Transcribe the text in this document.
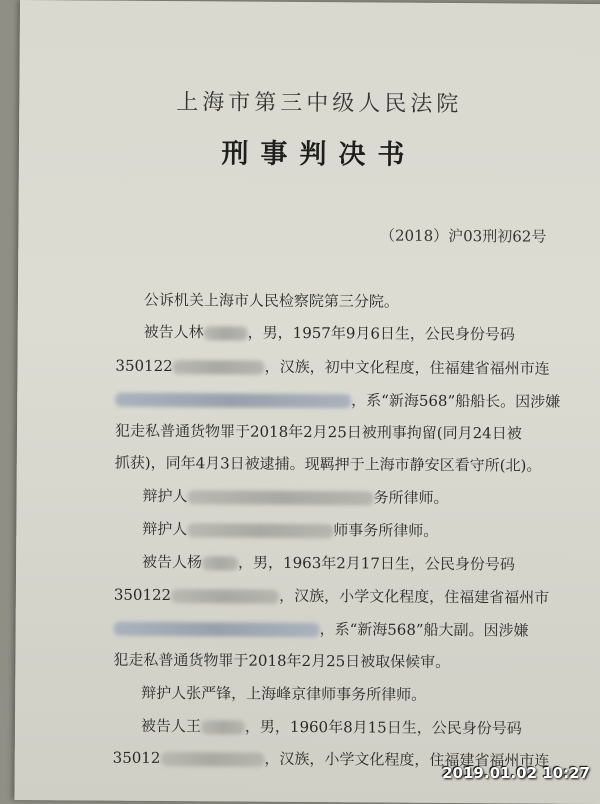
上海市第三中级人民法院
刑事判决书
（2018）沪03刑初62号
公诉机关上海市人民检察院第三分院。
被告人林	，男，1957年9月6日生，公民身份号码
350122	，汉族，初中文化程度，住福建省福州市连
，系“新海568”船船长。因涉嫌
犯走私普通货物罪于2018年2月25日被刑事拘留(同月24日被
抓获)，同年4月3日被逮捕。现羁押于上海市静安区看守所(北)。
辩护人	务所律师。
辩护人	师事务所律师。
被告人杨 ，男，1963年2月17日生，公民身份号码
350122	，汉族，小学文化程度，住福建省福州市
，系“新海568”船大副。因涉嫌
犯走私普通货物罪于2018年2月25日被取保候审。
辩护人张严锋，上海峰京律师事务所律师。
被告人王	，男，1960年8月15日生，公民身份号码
35012	，汉族，小学文化程度，住福建省福州市连
2019.01.02 10:27
